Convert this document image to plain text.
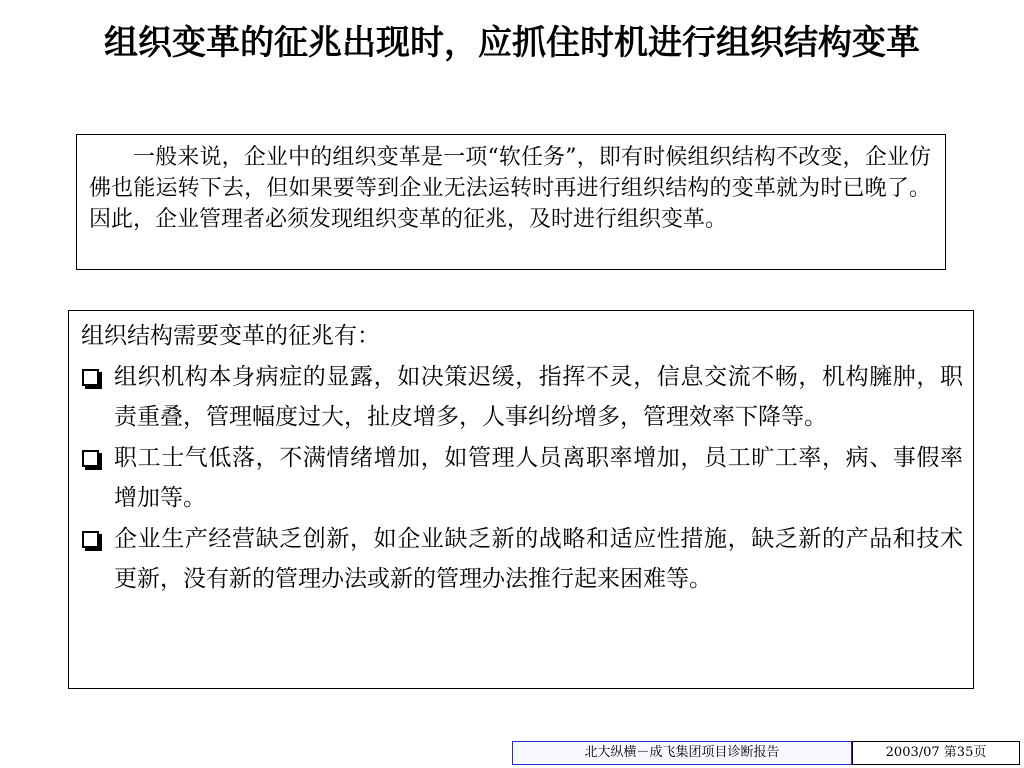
组织变革的征兆出现时，应抓住时机进行组织结构变革

一般来说，企业中的组织变革是一项“软任务”，即有时候组织结构不改变，企业仿佛也能运转下去，但如果要等到企业无法运转时再进行组织结构的变革就为时已晚了。因此，企业管理者必须发现组织变革的征兆，及时进行组织变革。

组织结构需要变革的征兆有：
组织机构本身病症的显露，如决策迟缓，指挥不灵，信息交流不畅，机构臃肿，职责重叠，管理幅度过大，扯皮增多，人事纠纷增多，管理效率下降等。
职工士气低落，不满情绪增加，如管理人员离职率增加，员工旷工率，病、事假率增加等。
企业生产经营缺乏创新，如企业缺乏新的战略和适应性措施，缺乏新的产品和技术更新，没有新的管理办法或新的管理办法推行起来困难等。
北大纵横－成飞集团项目诊断报告	2003/07 第35页
